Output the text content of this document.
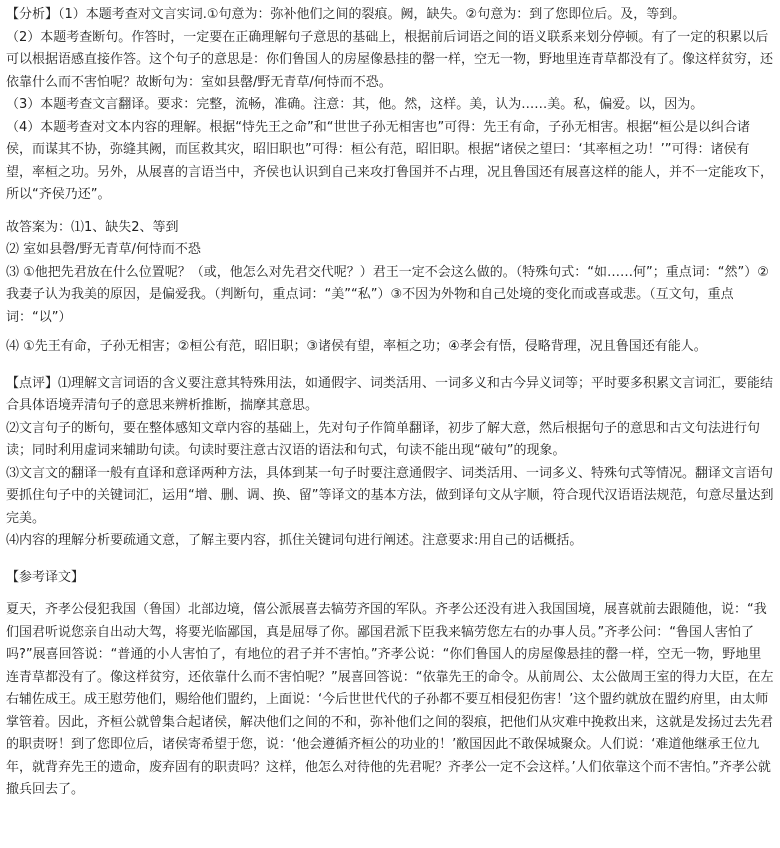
【分析】（1）本题考查对文言实词.①句意为：弥补他们之间的裂痕。阙，缺失。②句意为：到了您即位后。及，等到。

（2）本题考查断句。作答时，一定要在正确理解句子意思的基础上，根据前后词语之间的语义联系来划分停顿。有了一定的积累以后可以根据语感直接作答。这个句子的意思是：你们鲁国人的房屋像悬挂的罄一样，空无一物，野地里连青草都没有了。像这样贫穷，还依靠什么而不害怕呢？故断句为：室如县罄/野无青草/何恃而不恐。

（3）本题考查文言翻译。要求：完整，流畅，准确。注意：其，他。然，这样。美，认为……美。私，偏爱。以，因为。

（4）本题考查对文本内容的理解。根据“恃先王之命”和“世世子孙无相害也”可得：先王有命，子孙无相害。根据“桓公是以纠合诸侯，而谋其不协，弥缝其阙，而匡救其灾，昭旧职也”可得：桓公有范，昭旧职。根据“诸侯之望曰：‘其率桓之功！’”可得：诸侯有望，率桓之功。另外，从展喜的言语当中，齐侯也认识到自己来攻打鲁国并不占理，况且鲁国还有展喜这样的能人，并不一定能攻下，所以“齐侯乃还”。

故答案为：⑴1、缺失2、等到

⑵ 室如县磬/野无青草/何恃而不恐

⑶ ①他把先君放在什么位置呢？（或，他怎么对先君交代呢？）君王一定不会这么做的。（特殊句式：“如……何”；重点词：“然”）②我妻子认为我美的原因，是偏爱我。（判断句，重点词：“美”“私”）③不因为外物和自己处境的变化而或喜或悲。（互文句，重点词：“以”）

⑷ ①先王有命，子孙无相害；②桓公有范，昭旧职；③诸侯有望，率桓之功；④孝会有悟，侵略背理，况且鲁国还有能人。

【点评】⑴理解文言词语的含义要注意其特殊用法，如通假字、词类活用、一词多义和古今异义词等；平时要多积累文言词汇，要能结合具体语境弄清句子的意思来辨析推断，揣摩其意思。

⑵文言句子的断句，要在整体感知文章内容的基础上，先对句子作简单翻译，初步了解大意，然后根据句子的意思和古文句法进行句读；同时利用虚词来辅助句读。句读时要注意古汉语的语法和句式，句读不能出现“破句”的现象。

⑶文言文的翻译一般有直译和意译两种方法，具体到某一句子时要注意通假字、词类活用、一词多义、特殊句式等情况。翻译文言语句要抓住句子中的关键词汇，运用“增、删、调、换、留”等译文的基本方法，做到译句文从字顺，符合现代汉语语法规范，句意尽量达到完美。

⑷内容的理解分析要疏通文意，了解主要内容，抓住关键词句进行阐述。注意要求:用自己的话概括。

【参考译文】

夏天，齐孝公侵犯我国（鲁国）北部边境，僖公派展喜去犒劳齐国的军队。齐孝公还没有进入我国国境，展喜就前去跟随他，说：“我们国君听说您亲自出动大驾，将要光临鄙国，真是屈辱了你。鄙国君派下臣我来犒劳您左右的办事人员。”齐孝公问：“鲁国人害怕了吗?”展喜回答说：“普通的小人害怕了，有地位的君子并不害怕。”齐孝公说：“你们鲁国人的房屋像悬挂的罄一样，空无一物，野地里连青草都没有了。像这样贫穷，还依靠什么而不害怕呢？”展喜回答说：“依靠先王的命令。从前周公、太公做周王室的得力大臣，在左右辅佐成王。成王慰劳他们，赐给他们盟约，上面说：‘今后世世代代的子孙都不要互相侵犯伤害！’这个盟约就放在盟约府里，由太师掌管着。因此，齐桓公就曾集合起诸侯，解决他们之间的不和，弥补他们之间的裂痕，把他们从灾难中挽救出来，这就是发扬过去先君的职责呀！到了您即位后，诸侯寄希望于您，说：‘他会遵循齐桓公的功业的！’敝国因此不敢保城聚众。人们说：‘难道他继承王位九年，就背弃先王的遗命，废弃固有的职责吗？这样，他怎么对待他的先君呢？齐孝公一定不会这样。’人们依靠这个而不害怕。”齐孝公就撤兵回去了。
